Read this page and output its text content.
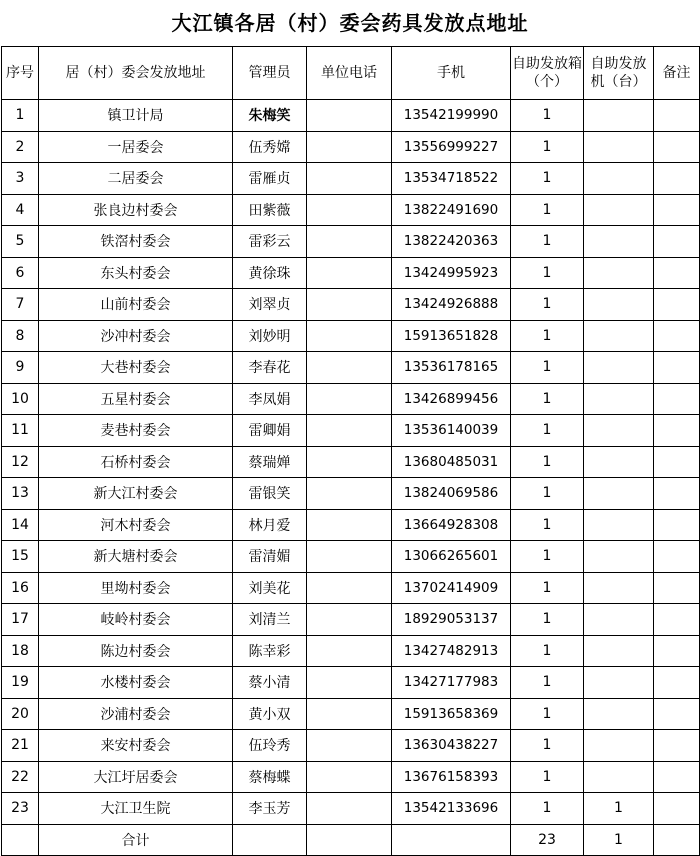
大江镇各居（村）委会药具发放点地址
序号	居（村）委会发放地址	管理员	单位电话	手机	自助发放箱（个）	自助发放机（台）	备注
1	镇卫计局	朱梅笑		13542199990	1		
2	一居委会	伍秀嫦		13556999227	1		
3	二居委会	雷雁贞		13534718522	1		
4	张良边村委会	田紫薇		13822491690	1		
5	铁滘村委会	雷彩云		13822420363	1		
6	东头村委会	黄徐珠		13424995923	1		
7	山前村委会	刘翠贞		13424926888	1		
8	沙冲村委会	刘妙明		15913651828	1		
9	大巷村委会	李春花		13536178165	1		
10	五星村委会	李凤娟		13426899456	1		
11	麦巷村委会	雷卿娟		13536140039	1		
12	石桥村委会	蔡瑞婵		13680485031	1		
13	新大江村委会	雷银笑		13824069586	1		
14	河木村委会	林月爱		13664928308	1		
15	新大塘村委会	雷清媚		13066265601	1		
16	里坳村委会	刘美花		13702414909	1		
17	岐岭村委会	刘清兰		18929053137	1		
18	陈边村委会	陈幸彩		13427482913	1		
19	水楼村委会	蔡小清		13427177983	1		
20	沙浦村委会	黄小双		15913658369	1		
21	来安村委会	伍玲秀		13630438227	1		
22	大江圩居委会	蔡梅蝶		13676158393	1		
23	大江卫生院	李玉芳		13542133696	1	1	
	合计				23	1	
